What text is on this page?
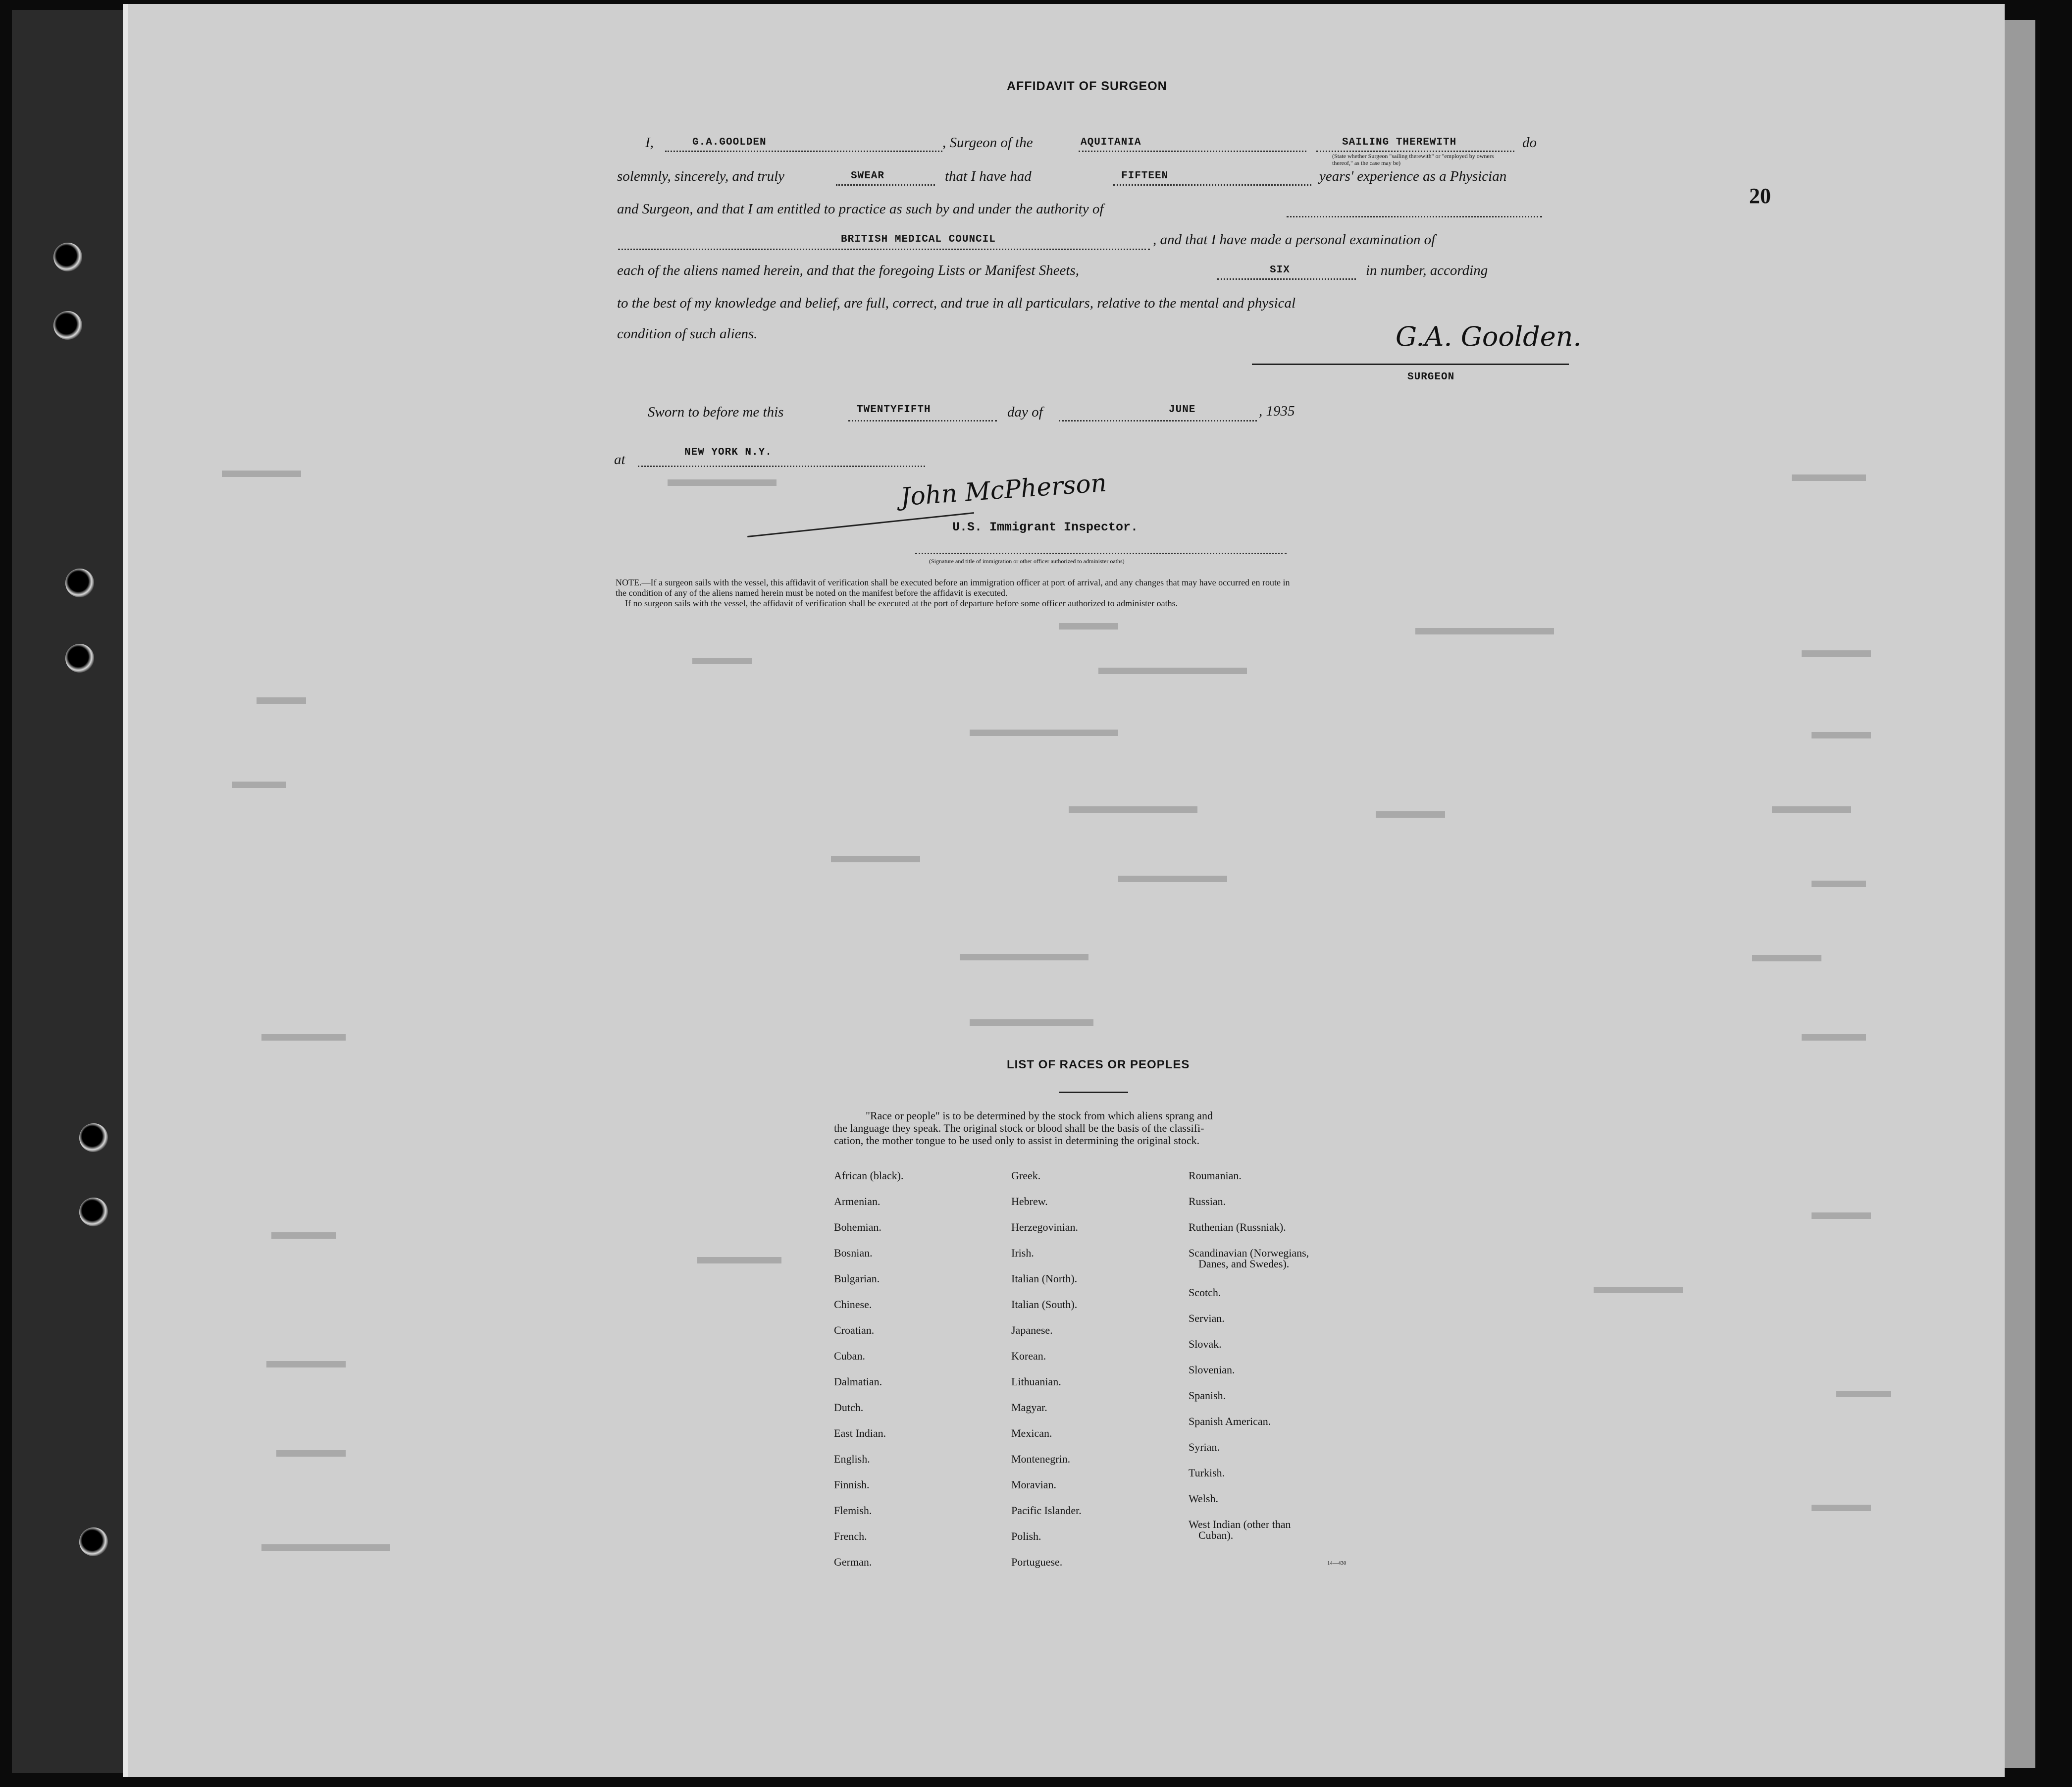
AFFIDAVIT OF SURGEON
20
I,	G.A.GOOLDEN	, Surgeon of the	AQUITANIA	SAILING THEREWITH
(State whether Surgeon "sailing therewith" or "employed by owners thereof," as the case may be)
do
solemnly, sincerely, and truly	SWEAR	that I have had	FIFTEEN	years' experience as a Physician
and Surgeon, and that I am entitled to practice as such by and under the authority of
BRITISH MEDICAL COUNCIL	, and that I have made a personal examination of
each of the aliens named herein, and that the foregoing Lists or Manifest Sheets,	SIX	in number, according
to the best of my knowledge and belief, are full, correct, and true in all particulars, relative to the mental and physical
condition of such aliens.	G.A. Goolden.
SURGEON
Sworn to before me this	TWENTYFIFTH	day of	JUNE	, 1935
at	NEW YORK N.Y.
John McPherson
U.S. Immigrant Inspector.
(Signature and title of immigration or other officer authorized to administer oaths)
NOTE.—If a surgeon sails with the vessel, this affidavit of verification shall be executed before an immigration officer at port of arrival, and any changes that may have occurred en route in
the condition of any of the aliens named herein must be noted on the manifest before the affidavit is executed.
If no surgeon sails with the vessel, the affidavit of verification shall be executed at the port of departure before some officer authorized to administer oaths.
LIST OF RACES OR PEOPLES
"Race or people" is to be determined by the stock from which aliens sprang and
the language they speak. The original stock or blood shall be the basis of the classifi-
cation, the mother tongue to be used only to assist in determining the original stock.
African (black).
Armenian.
Bohemian.
Bosnian.
Bulgarian.
Chinese.
Croatian.
Cuban.
Dalmatian.
Dutch.
East Indian.
English.
Finnish.
Flemish.
French.
German.
Greek.
Hebrew.
Herzegovinian.
Irish.
Italian (North).
Italian (South).
Japanese.
Korean.
Lithuanian.
Magyar.
Mexican.
Montenegrin.
Moravian.
Pacific Islander.
Polish.
Portuguese.
Roumanian.
Russian.
Ruthenian (Russniak).
Scandinavian (Norwegians,
Danes, and Swedes).
Scotch.
Servian.
Slovak.
Slovenian.
Spanish.
Spanish American.
Syrian.
Turkish.
Welsh.
West Indian (other than
Cuban).
14—430
